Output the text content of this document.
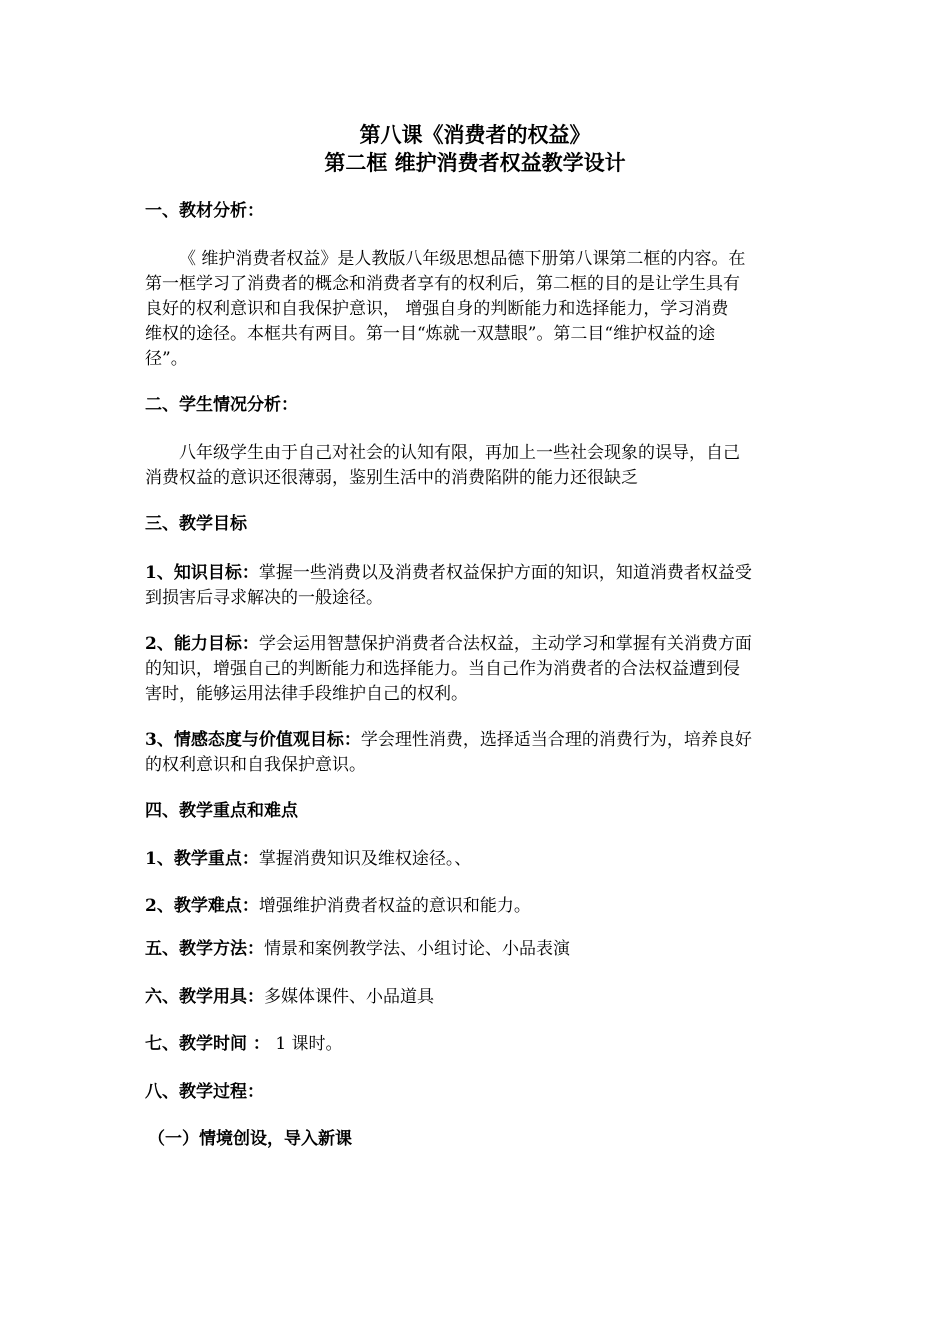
第八课《消费者的权益》
第二框 维护消费者权益教学设计
一、教材分析：
《 维护消费者权益》是人教版八年级思想品德下册第八课第二框的内容。在
第一框学习了消费者的概念和消费者享有的权利后，第二框的目的是让学生具有
良好的权利意识和自我保护意识， 增强自身的判断能力和选择能力，学习消费
维权的途径。本框共有两目。第一目“炼就一双慧眼”。第二目“维护权益的途
径”。
二、学生情况分析：
八年级学生由于自己对社会的认知有限，再加上一些社会现象的误导，自己
消费权益的意识还很薄弱，鉴别生活中的消费陷阱的能力还很缺乏
三、教学目标
1、知识目标：掌握一些消费以及消费者权益保护方面的知识，知道消费者权益受
到损害后寻求解决的一般途径。
2、能力目标：学会运用智慧保护消费者合法权益，主动学习和掌握有关消费方面
的知识，增强自己的判断能力和选择能力。当自己作为消费者的合法权益遭到侵
害时，能够运用法律手段维护自己的权利。
3、情感态度与价值观目标：学会理性消费，选择适当合理的消费行为，培养良好
的权利意识和自我保护意识。
四、教学重点和难点
1、教学重点：掌握消费知识及维权途径。、
2、教学难点：增强维护消费者权益的意识和能力。
五、教学方法：情景和案例教学法、小组讨论、小品表演
六、教学用具：多媒体课件、小品道具
七、教学时间 ： 1 课时。
八、教学过程：
（一）情境创设，导入新课
